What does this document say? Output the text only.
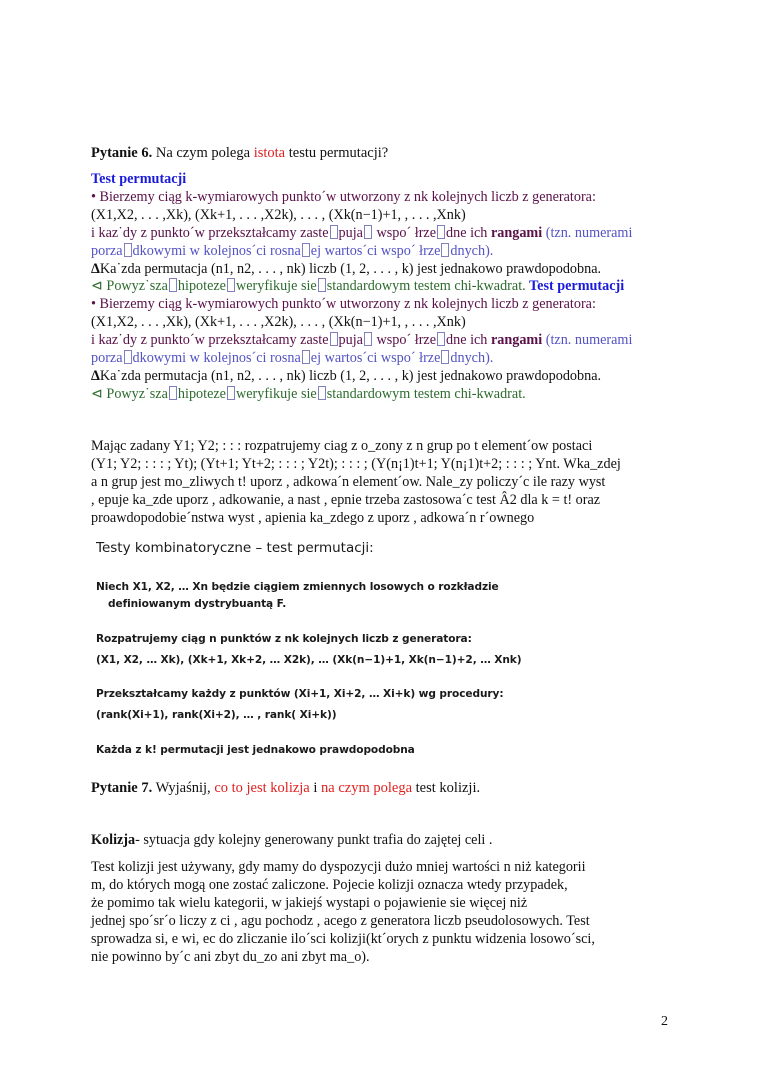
Pytanie 6. Na czym polega istota testu permutacji?
Test permutacji
• Bierzemy ciąg k-wymiarowych punkto´w utworzony z nk kolejnych liczb z generatora:
(X1,X2, . . . ,Xk), (Xk+1, . . . ,X2k), . . . , (Xk(n−1)+1, , . . . ,Xnk)
i kaz˙dy z punkto´w przekształcamy zaste puja wspo´ łrze dne ich rangami (tzn. numerami
porza dkowymi w kolejnos´ci rosna ej wartos´ci wspo´ łrze dnych).
ΔKa˙zda permutacja (n1, n2, . . . , nk) liczb (1, 2, . . . , k) jest jednakowo prawdopodobna.
⊲ Powyz˙sza hipoteze weryfikuje sie standardowym testem chi-kwadrat. Test permutacji
• Bierzemy ciąg k-wymiarowych punkto´w utworzony z nk kolejnych liczb z generatora:
(X1,X2, . . . ,Xk), (Xk+1, . . . ,X2k), . . . , (Xk(n−1)+1, , . . . ,Xnk)
i kaz˙dy z punkto´w przekształcamy zaste puja wspo´ łrze dne ich rangami (tzn. numerami
porza dkowymi w kolejnos´ci rosna ej wartos´ci wspo´ łrze dnych).
ΔKa˙zda permutacja (n1, n2, . . . , nk) liczb (1, 2, . . . , k) jest jednakowo prawdopodobna.
⊲ Powyz˙sza hipoteze weryfikuje sie standardowym testem chi-kwadrat.
Mając zadany Y1; Y2; : : : rozpatrujemy ciag z o_zony z n grup po t element´ow postaci
(Y1; Y2; : : : ; Yt); (Yt+1; Yt+2; : : : ; Y2t); : : : ; (Y(n¡1)t+1; Y(n¡1)t+2; : : : ; Ynt. Wka_zdej
a n grup jest mo_zliwych t! uporz , adkowa´n element´ow. Nale_zy policzy´c ile razy wyst
, epuje ka_zde uporz , adkowanie, a nast , epnie trzeba zastosowa´c test Â2 dla k = t! oraz
proawdopodobie´nstwa wyst , apienia ka_zdego z uporz , adkowa´n r´ownego
Testy kombinatoryczne – test permutacji:
Niech X1, X2, … Xn będzie ciągiem zmiennych losowych o rozkładzie
definiowanym dystrybuantą F.
Rozpatrujemy ciąg n punktów z nk kolejnych liczb z generatora:
(X1, X2, … Xk), (Xk+1, Xk+2, … X2k), … (Xk(n−1)+1, Xk(n−1)+2, … Xnk)
Przekształcamy każdy z punktów (Xi+1, Xi+2, … Xi+k) wg procedury:
(rank(Xi+1), rank(Xi+2), … , rank( Xi+k))
Każda z k! permutacji jest jednakowo prawdopodobna
Pytanie 7. Wyjaśnij, co to jest kolizja i na czym polega test kolizji.
Kolizja- sytuacja gdy kolejny generowany punkt trafia do zajętej celi .
Test kolizji jest używany, gdy mamy do dyspozycji dużo mniej wartości n niż kategorii
m, do których mogą one zostać zaliczone. Pojecie kolizji oznacza wtedy przypadek,
że pomimo tak wielu kategorii, w jakiejś wystapi o pojawienie sie więcej niż
jednej spo´sr´o liczy z ci , agu pochodz , acego z generatora liczb pseudolosowych. Test
sprowadza si, e wi, ec do zliczanie ilo´sci kolizji(kt´orych z punktu widzenia losowo´sci,
nie powinno by´c ani zbyt du_zo ani zbyt ma_o).
2
